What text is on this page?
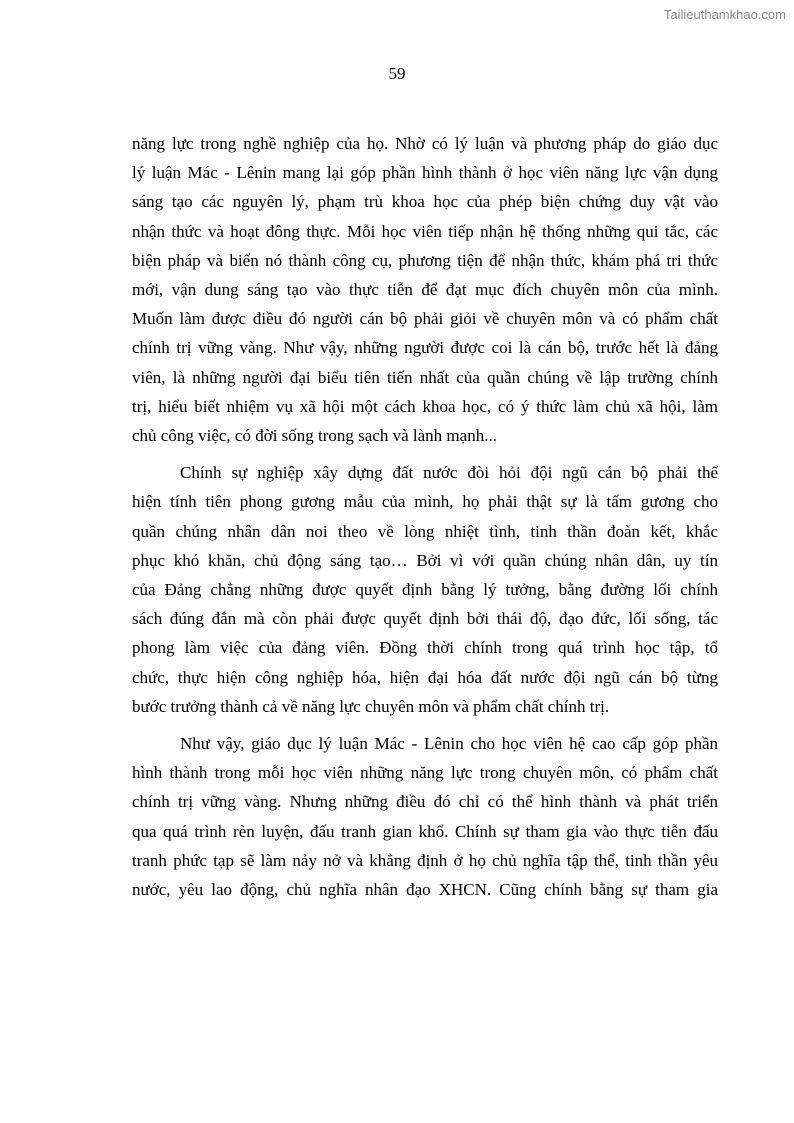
Tailieuthamkhao.com
59

năng lực trong nghề nghiệp của họ. Nhờ có lý luận và phương pháp do giáo dục
lý luận Mác - Lênin mang lại góp phần hình thành ở học viên năng lực vận dụng
sáng tạo các nguyên lý, phạm trù khoa học của phép biện chứng duy vật vào
nhận thức và hoạt đông thực. Mỗi học viên tiếp nhận hệ thống những qui tắc, các
biện pháp và biến nó thành công cụ, phương tiện để nhận thức, khám phá tri thức
mới, vận dung sáng tạo vào thực tiễn để đạt mục đích chuyên môn của mình.
Muốn làm được điều đó người cán bộ phải giỏi về chuyên môn và có phẩm chất
chính trị vững vàng. Như vậy, những người được coi là cán bộ, trước hết là đảng
viên, là những người đại biểu tiên tiến nhất của quần chúng về lập trường chính
trị, hiểu biết nhiệm vụ xã hội một cách khoa học, có ý thức làm chủ xã hội, làm
chủ công việc, có đời sống trong sạch và lành mạnh...

Chính sự nghiệp xây dựng đất nước đòi hỏi đội ngũ cán bộ phải thể
hiện tính tiên phong gương mẫu của mình, họ phải thật sự là tấm gương cho
quần chúng nhân dân noi theo về lòng nhiệt tình, tinh thần đoàn kết, khắc
phục khó khăn, chủ động sáng tạo… Bởi vì với quần chúng nhân dân, uy tín
của Đảng chẳng những được quyết định bằng lý tưởng, bằng đường lối chính
sách đúng đắn mà còn phải được quyết định bởi thái độ, đạo đức, lối sống, tác
phong làm việc của đảng viên. Đồng thời chính trong quá trình học tập, tổ
chức, thực hiện công nghiệp hóa, hiện đại hóa đất nước đội ngũ cán bộ từng
bước trưởng thành cả về năng lực chuyên môn và phẩm chất chính trị.

Như vậy, giáo dục lý luận Mác - Lênin cho học viên hệ cao cấp góp phần
hình thành trong mỗi học viên những năng lực trong chuyên môn, có phẩm chất
chính trị vững vàng. Nhưng những điều đó chỉ có thể hình thành và phát triển
qua quá trình rèn luyện, đấu tranh gian khổ. Chính sự tham gia vào thực tiễn đấu
tranh phức tạp sẽ làm nảy nở và khẳng định ở họ chủ nghĩa tập thể, tinh thần yêu
nước, yêu lao động, chủ nghĩa nhân đạo XHCN. Cũng chính bằng sự tham gia
